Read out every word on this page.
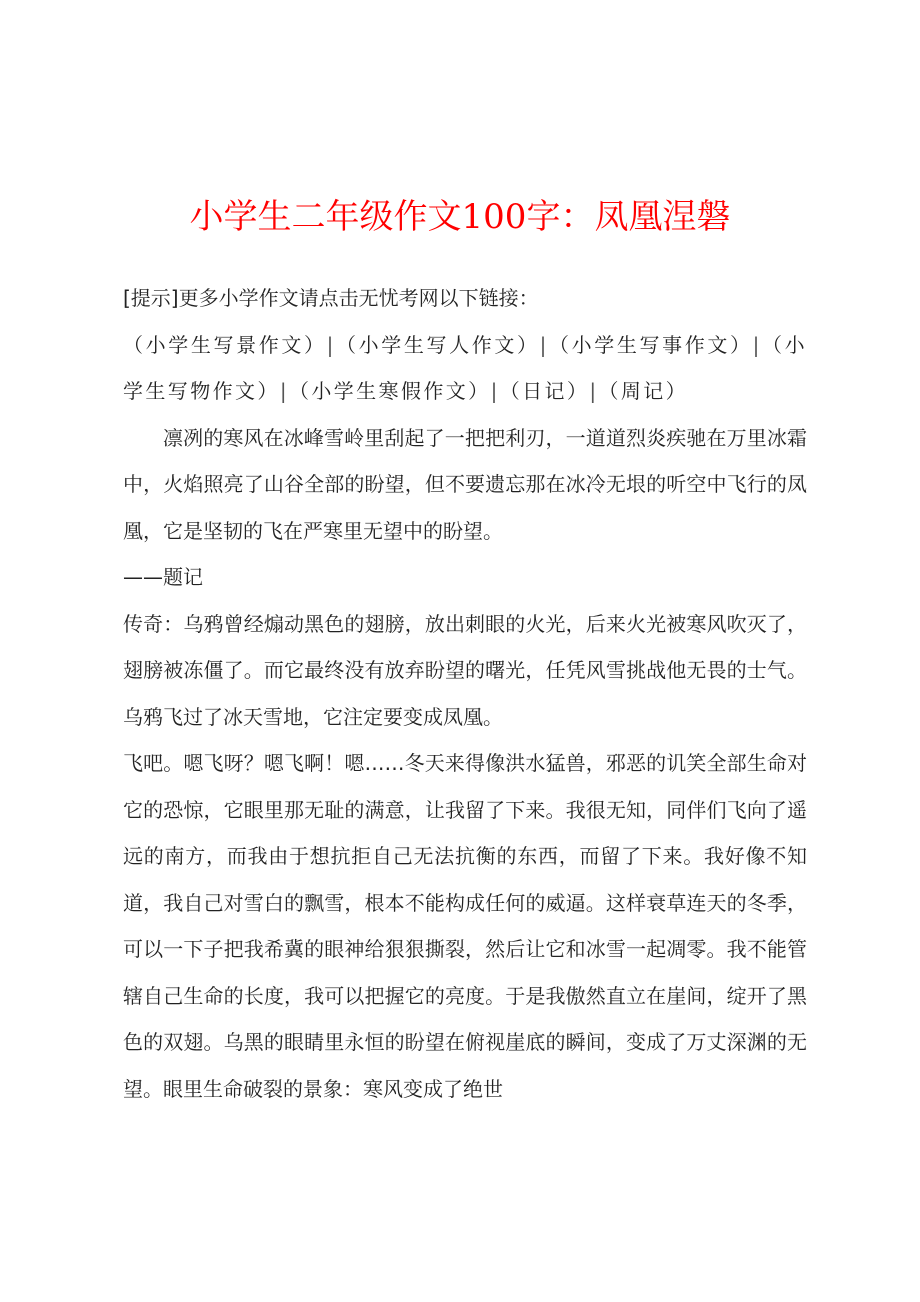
小学生二年级作文100字：凤凰涅磐

[提示]更多小学作文请点击无忧考网以下链接：

（小学生写景作文）|（小学生写人作文）|（小学生写事作文）|（小学生写物作文）|（小学生寒假作文）|（日记）|（周记）

凛冽的寒风在冰峰雪岭里刮起了一把把利刃，一道道烈炎疾驰在万里冰霜中，火焰照亮了山谷全部的盼望，但不要遗忘那在冰冷无垠的听空中飞行的凤凰，它是坚韧的飞在严寒里无望中的盼望。

——题记

传奇：乌鸦曾经煽动黑色的翅膀，放出刺眼的火光，后来火光被寒风吹灭了，翅膀被冻僵了。而它最终没有放弃盼望的曙光，任凭风雪挑战他无畏的士气。乌鸦飞过了冰天雪地，它注定要变成凤凰。

飞吧。嗯飞呀？嗯飞啊！嗯……冬天来得像洪水猛兽，邪恶的讥笑全部生命对它的恐惊，它眼里那无耻的满意，让我留了下来。我很无知，同伴们飞向了遥远的南方，而我由于想抗拒自己无法抗衡的东西，而留了下来。我好像不知道，我自己对雪白的飘雪，根本不能构成任何的威逼。这样衰草连天的冬季，可以一下子把我希冀的眼神给狠狠撕裂，然后让它和冰雪一起凋零。我不能管辖自己生命的长度，我可以把握它的亮度。于是我傲然直立在崖间，绽开了黑色的双翅。乌黑的眼睛里永恒的盼望在俯视崖底的瞬间，变成了万丈深渊的无望。眼里生命破裂的景象：寒风变成了绝世
